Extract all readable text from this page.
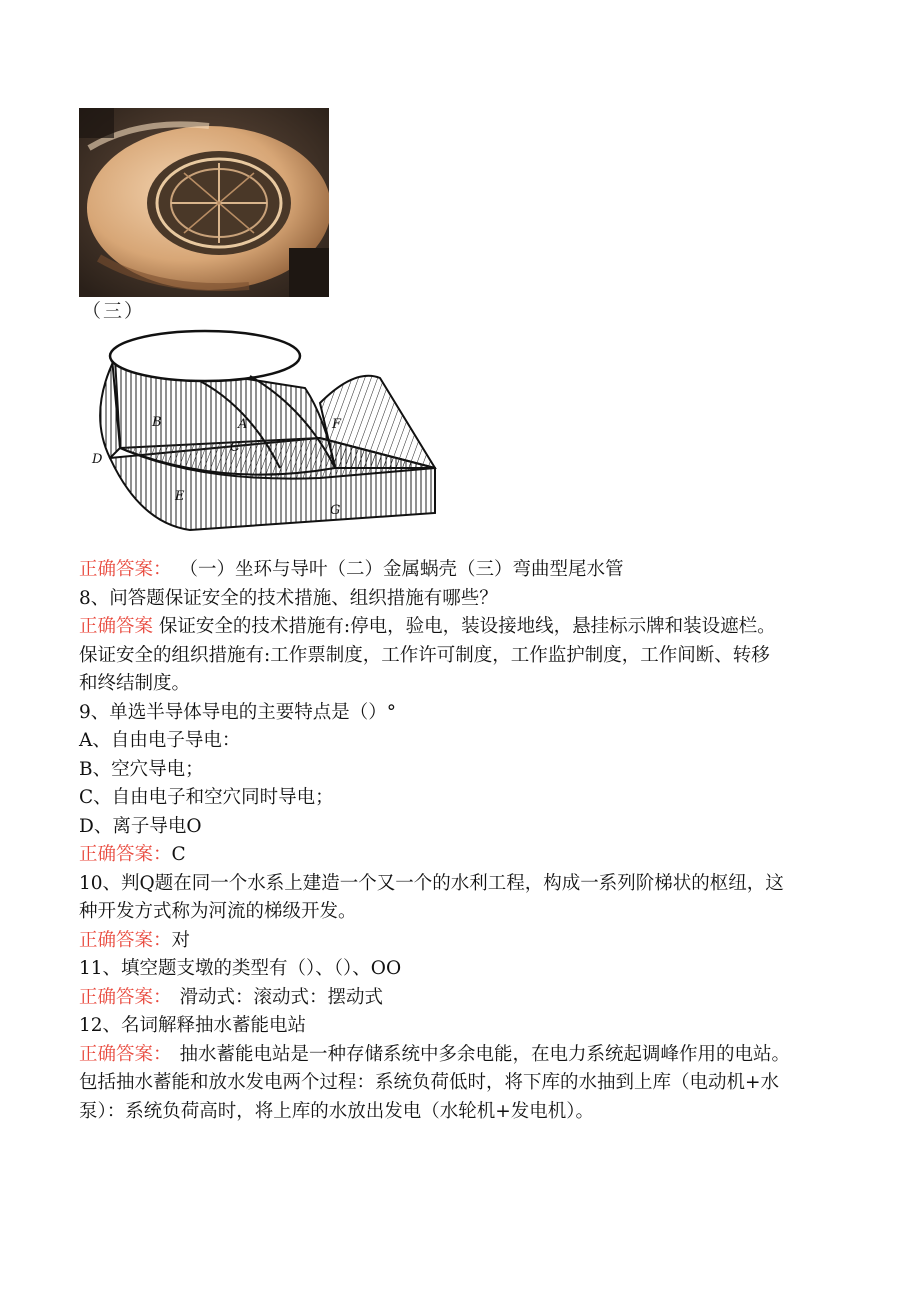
（三）
A
B
C
D
E
F
G

正确答案： （一）坐环与导叶（二）金属蜗壳（三）弯曲型尾水管

8、问答题保证安全的技术措施、组织措施有哪些？

正确答案 保证安全的技术措施有:停电，验电，装设接地线，悬挂标示牌和装设遮栏。

保证安全的组织措施有:工作票制度，工作许可制度，工作监护制度，工作间断、转移

和终结制度。

9、单选半导体导电的主要特点是（）°

A、自由电子导电：

B、空穴导电；

C、自由电子和空穴同时导电；

D、离子导电O

正确答案：C

10、判Q题在同一个水系上建造一个又一个的水利工程，构成一系列阶梯状的枢纽，这

种开发方式称为河流的梯级开发。

正确答案：对

11、填空题支墩的类型有（）、（）、OO

正确答案： 滑动式：滚动式：摆动式

12、名词解释抽水蓄能电站

正确答案： 抽水蓄能电站是一种存储系统中多余电能，在电力系统起调峰作用的电站。

包括抽水蓄能和放水发电两个过程：系统负荷低时，将下库的水抽到上库（电动机+水

泵）：系统负荷高时，将上库的水放出发电（水轮机+发电机）。
